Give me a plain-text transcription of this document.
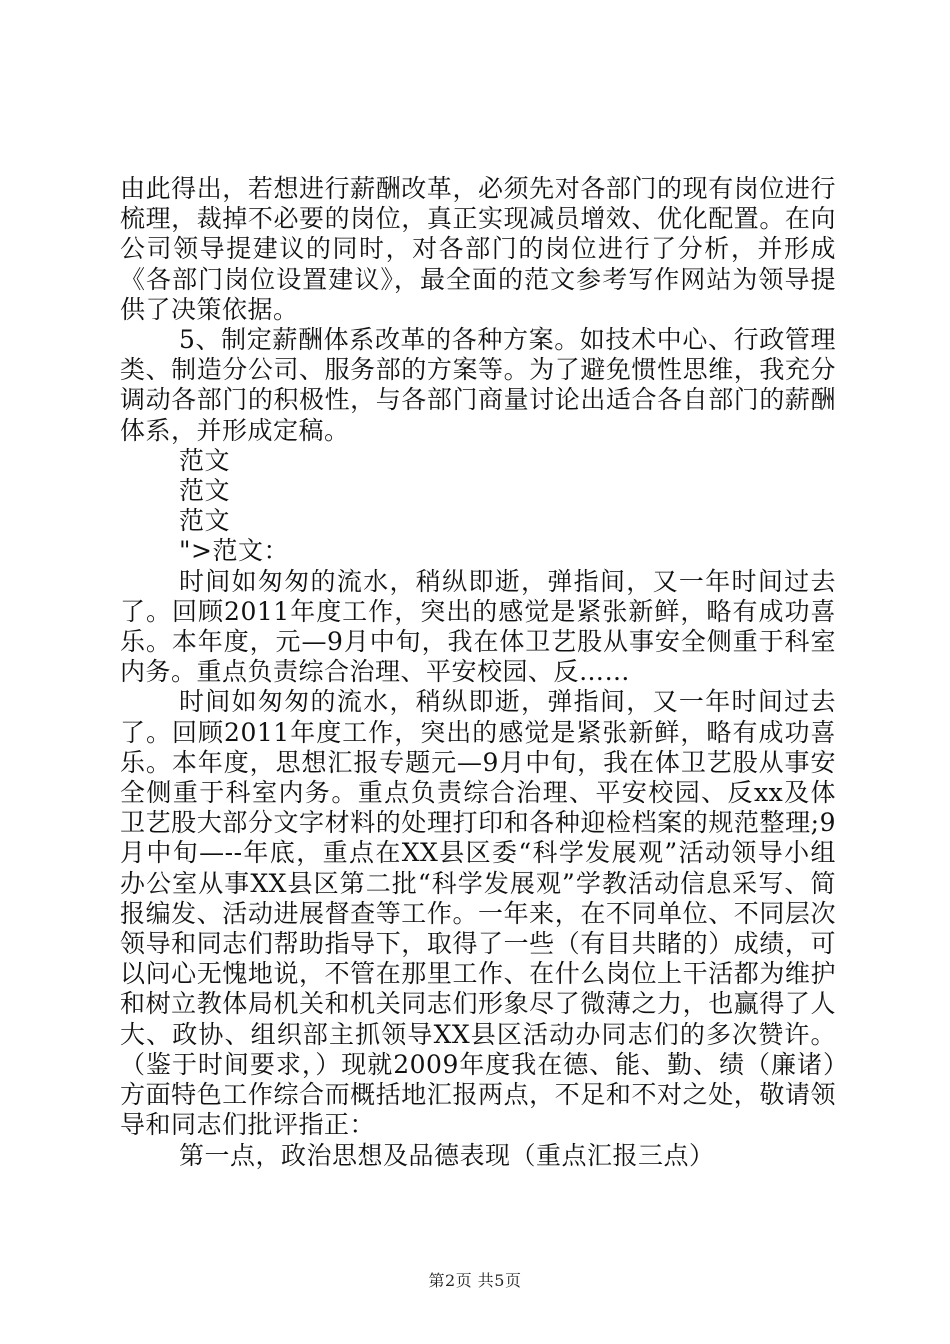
由此得出，若想进行薪酬改革，必须先对各部门的现有岗位进行梳理，裁掉不必要的岗位，真正实现减员增效、优化配置。在向公司领导提建议的同时，对各部门的岗位进行了分析，并形成《各部门岗位设置建议》，最全面的范文参考写作网站为领导提供了决策依据。

5、制定薪酬体系改革的各种方案。如技术中心、行政管理类、制造分公司、服务部的方案等。为了避免惯性思维，我充分调动各部门的积极性，与各部门商量讨论出适合各自部门的薪酬体系，并形成定稿。

范文

范文

范文

">范文：

时间如匆匆的流水，稍纵即逝，弹指间，又一年时间过去了。回顾2011年度工作，突出的感觉是紧张新鲜，略有成功喜乐。本年度，元—9月中旬，我在体卫艺股从事安全侧重于科室内务。重点负责综合治理、平安校园、反……

时间如匆匆的流水，稍纵即逝，弹指间，又一年时间过去了。回顾2011年度工作，突出的感觉是紧张新鲜，略有成功喜乐。本年度，思想汇报专题元—9月中旬，我在体卫艺股从事安全侧重于科室内务。重点负责综合治理、平安校园、反xx及体卫艺股大部分文字材料的处理打印和各种迎检档案的规范整理;9月中旬—--年底，重点在XX县区委“科学发展观”活动领导小组办公室从事XX县区第二批“科学发展观”学教活动信息采写、简报编发、活动进展督查等工作。一年来，在不同单位、不同层次领导和同志们帮助指导下，取得了一些（有目共睹的）成绩，可以问心无愧地说，不管在那里工作、在什么岗位上干活都为维护和树立教体局机关和机关同志们形象尽了微薄之力，也赢得了人大、政协、组织部主抓领导XX县区活动办同志们的多次赞许。（鉴于时间要求，）现就2009年度我在德、能、勤、绩（廉诸）方面特色工作综合而概括地汇报两点，不足和不对之处，敬请领导和同志们批评指正：

第一点，政治思想及品德表现（重点汇报三点）

第2页 共5页
